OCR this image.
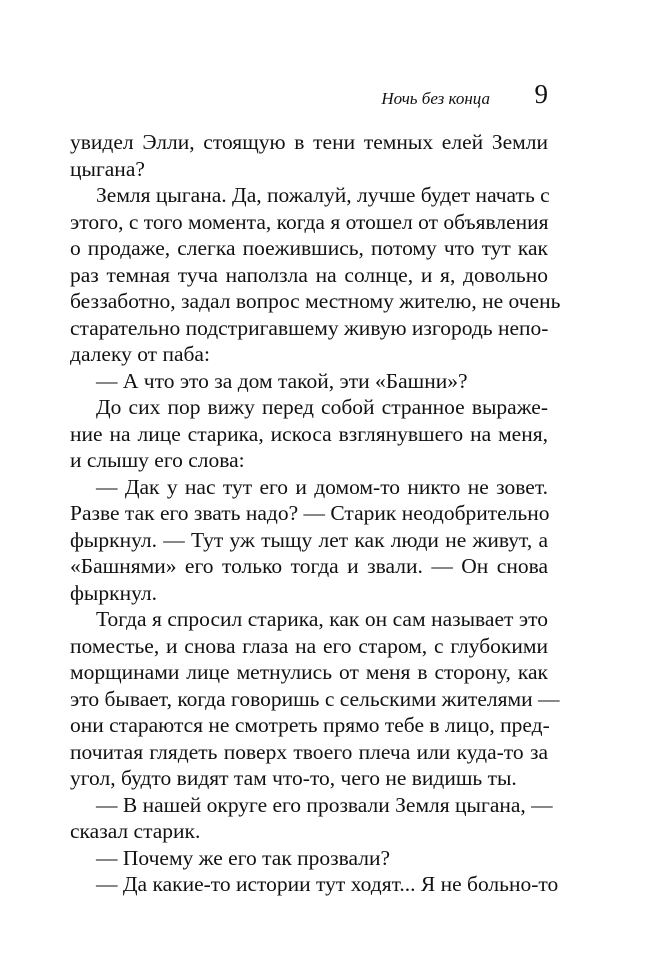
Ночь без конца 9
увидел Элли, стоящую в тени темных елей Земли
цыгана?
Земля цыгана. Да, пожалуй, лучше будет начать с
этого, с того момента, когда я отошел от объявления
о продаже, слегка поежившись, потому что тут как
раз темная туча наползла на солнце, и я, довольно
беззаботно, задал вопрос местному жителю, не очень
старательно подстригавшему живую изгородь непо-
далеку от паба:
— А что это за дом такой, эти «Башни»?
До сих пор вижу перед собой странное выраже-
ние на лице старика, искоса взглянувшего на меня,
и слышу его слова:
— Дак у нас тут его и домом-то никто не зовет.
Разве так его звать надо? — Старик неодобрительно
фыркнул. — Тут уж тыщу лет как люди не живут, а
«Башнями» его только тогда и звали. — Он снова
фыркнул.
Тогда я спросил старика, как он сам называет это
поместье, и снова глаза на его старом, с глубокими
морщинами лице метнулись от меня в сторону, как
это бывает, когда говоришь с сельскими жителями —
они стараются не смотреть прямо тебе в лицо, пред-
почитая глядеть поверх твоего плеча или куда-то за
угол, будто видят там что-то, чего не видишь ты.
— В нашей округе его прозвали Земля цыгана, —
сказал старик.
— Почему же его так прозвали?
— Да какие-то истории тут ходят... Я не больно-то
